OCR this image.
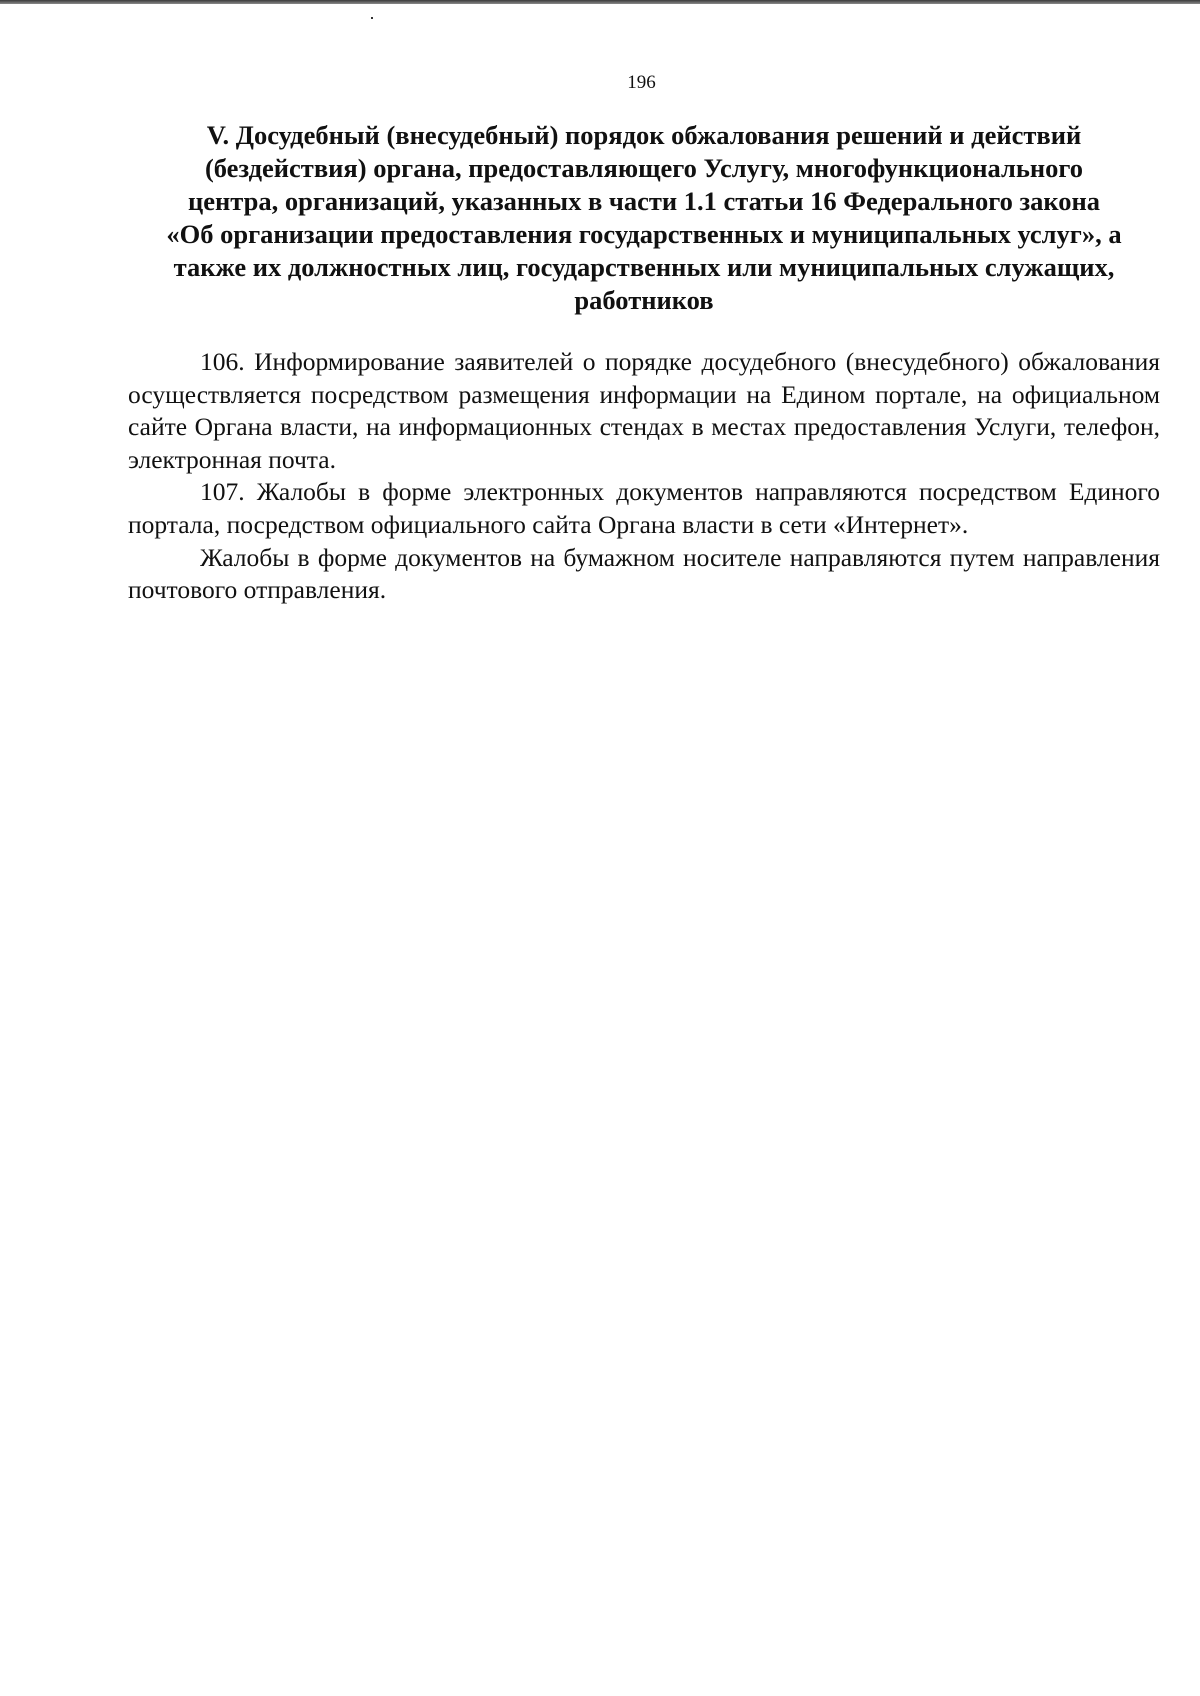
196
V. Досудебный (внесудебный) порядок обжалования решений и действий
(бездействия) органа, предоставляющего Услугу, многофункционального
центра, организаций, указанных в части 1.1 статьи 16 Федерального закона
«Об организации предоставления государственных и муниципальных услуг», а
также их должностных лиц, государственных или муниципальных служащих,
работников

106. Информирование заявителей о порядке досудебного (внесудебного) обжалования осуществляется посредством размещения информации на Едином портале, на официальном сайте Органа власти, на информационных стендах в местах предоставления Услуги, телефон, электронная почта.

107. Жалобы в форме электронных документов направляются посредством Единого портала, посредством официального сайта Органа власти в сети «Интернет».

Жалобы в форме документов на бумажном носителе направляются путем направления почтового отправления.
